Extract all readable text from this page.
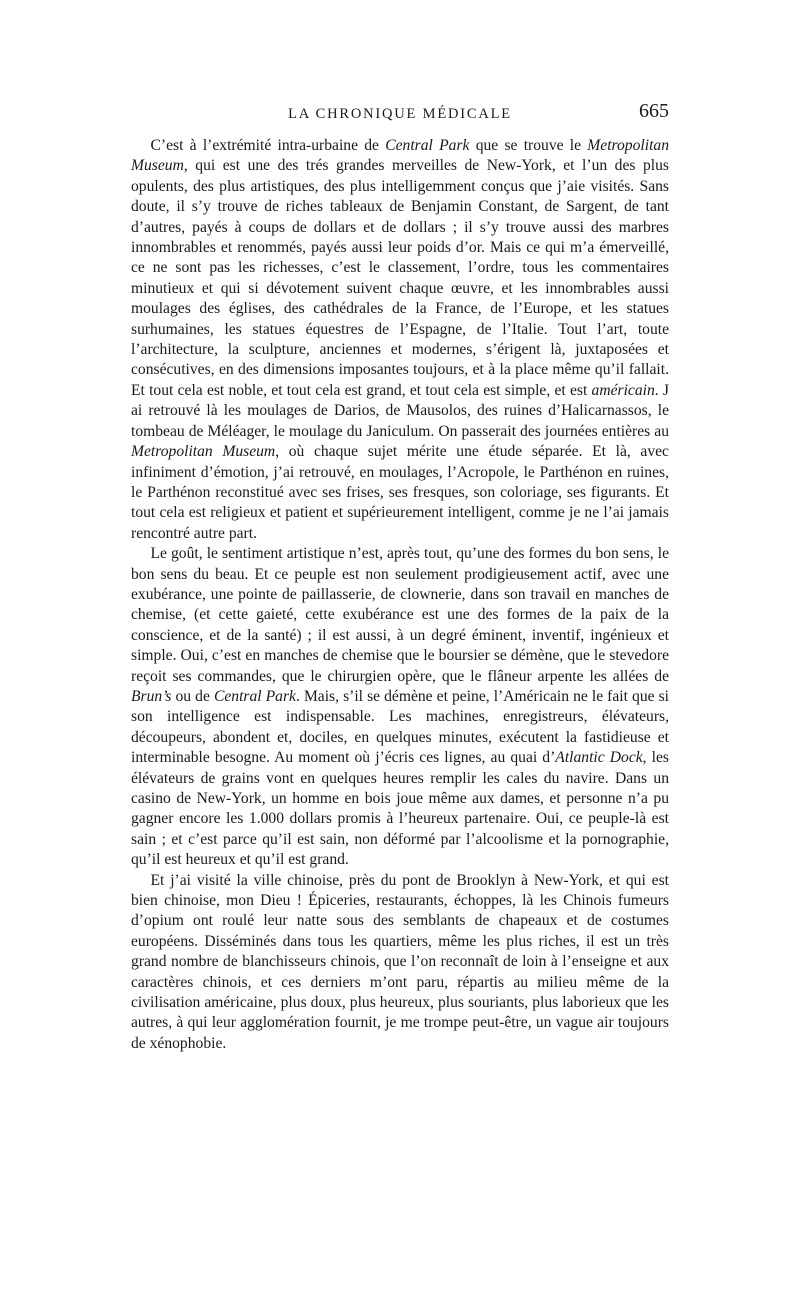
LA CHRONIQUE MÉDICALE	665

C’est à l’extrémité intra-urbaine de Central Park que se trouve le Metropolitan Museum, qui est une des trés grandes merveilles de New-York, et l’un des plus opulents, des plus artistiques, des plus intelligemment conçus que j’aie visités. Sans doute, il s’y trouve de riches tableaux de Benjamin Constant, de Sargent, de tant d’autres, payés à coups de dollars et de dollars ; il s’y trouve aussi des marbres innombrables et renommés, payés aussi leur poids d’or. Mais ce qui m’a émerveillé, ce ne sont pas les richesses, c’est le classement, l’ordre, tous les commentaires minutieux et qui si dévotement suivent chaque œuvre, et les innombrables aussi moulages des églises, des cathédrales de la France, de l’Europe, et les statues surhumaines, les statues équestres de l’Espagne, de l’Italie. Tout l’art, toute l’architecture, la sculpture, anciennes et modernes, s’érigent là, juxtaposées et consécutives, en des dimensions imposantes toujours, et à la place même qu’il fallait. Et tout cela est noble, et tout cela est grand, et tout cela est simple, et est américain. J ai retrouvé là les moulages de Darios, de Mausolos, des ruines d’Halicarnassos, le tombeau de Méléager, le moulage du Janiculum. On passerait des journées entières au Metropolitan Museum, où chaque sujet mérite une étude séparée. Et là, avec infiniment d’émotion, j’ai retrouvé, en moulages, l’Acropole, le Parthénon en ruines, le Parthénon reconstitué avec ses frises, ses fresques, son coloriage, ses figurants. Et tout cela est religieux et patient et supérieurement intelligent, comme je ne l’ai jamais rencontré autre part.

Le goût, le sentiment artistique n’est, après tout, qu’une des formes du bon sens, le bon sens du beau. Et ce peuple est non seulement prodigieusement actif, avec une exubérance, une pointe de paillasserie, de clownerie, dans son travail en manches de chemise, (et cette gaieté, cette exubérance est une des formes de la paix de la conscience, et de la santé) ; il est aussi, à un degré éminent, inventif, ingénieux et simple. Oui, c’est en manches de chemise que le boursier se démène, que le stevedore reçoit ses commandes, que le chirurgien opère, que le flâneur arpente les allées de Brun’s ou de Central Park. Mais, s’il se démène et peine, l’Américain ne le fait que si son intelligence est indispensable. Les machines, enregistreurs, élévateurs, découpeurs, abondent et, dociles, en quelques minutes, exécutent la fastidieuse et interminable besogne. Au moment où j’écris ces lignes, au quai d’Atlantic Dock, les élévateurs de grains vont en quelques heures remplir les cales du navire. Dans un casino de New-York, un homme en bois joue même aux dames, et personne n’a pu gagner encore les 1.000 dollars promis à l’heureux partenaire. Oui, ce peuple-là est sain ; et c’est parce qu’il est sain, non déformé par l’alcoolisme et la pornographie, qu’il est heureux et qu’il est grand.

Et j’ai visité la ville chinoise, près du pont de Brooklyn à New-York, et qui est bien chinoise, mon Dieu ! Épiceries, restaurants, échoppes, là les Chinois fumeurs d’opium ont roulé leur natte sous des semblants de chapeaux et de costumes européens. Disséminés dans tous les quartiers, même les plus riches, il est un très grand nombre de blanchisseurs chinois, que l’on reconnaît de loin à l’enseigne et aux caractères chinois, et ces derniers m’ont paru, répartis au milieu même de la civilisation américaine, plus doux, plus heureux, plus souriants, plus laborieux que les autres, à qui leur agglomération fournit, je me trompe peut-être, un vague air toujours de xénophobie.
